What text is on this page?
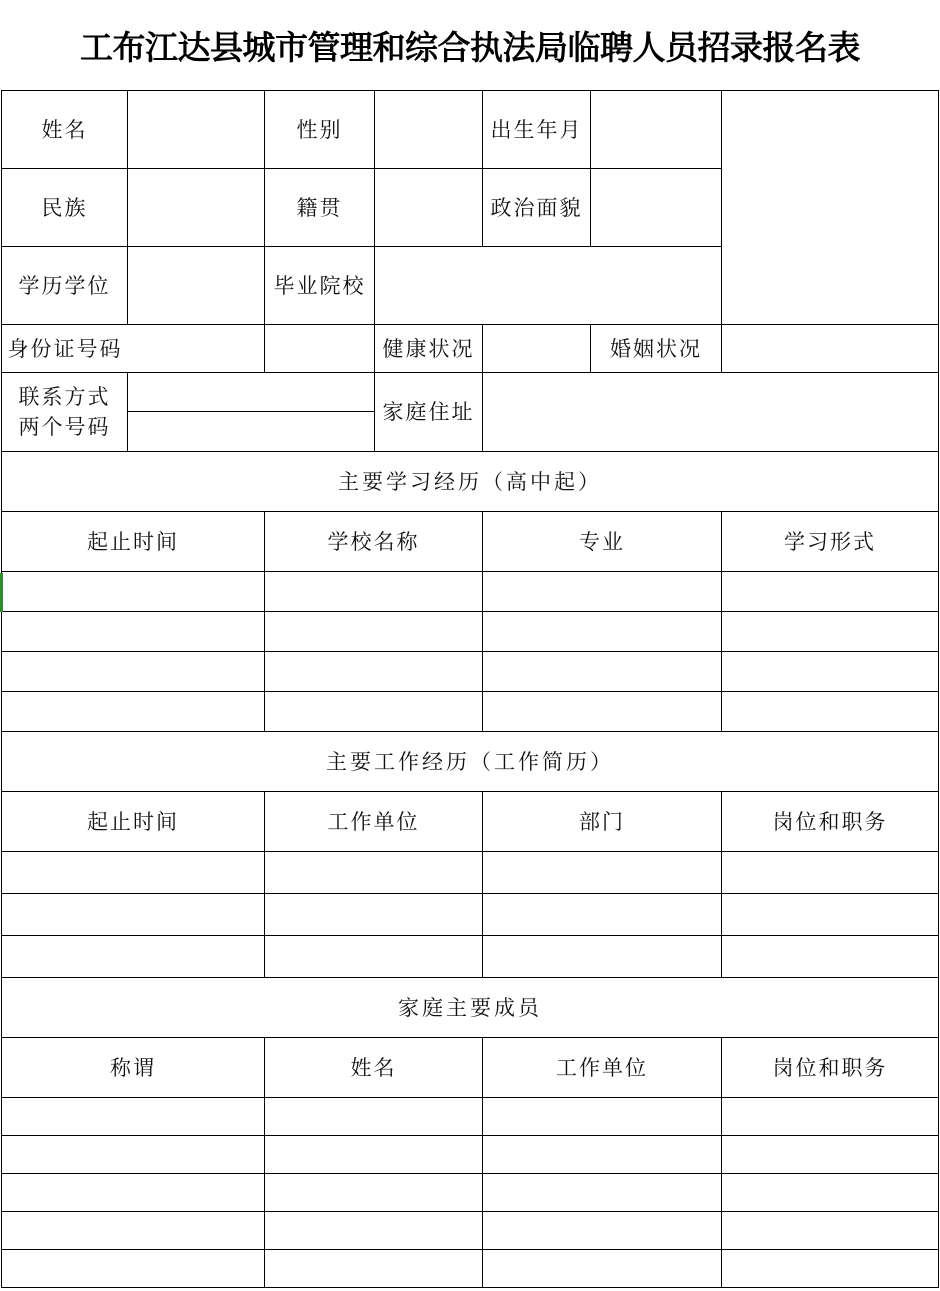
工布江达县城市管理和综合执法局临聘人员招录报名表
姓名		性别		出生年月		
民族		籍贯		政治面貌		
学历学位		毕业院校				
身份证号码			健康状况		婚姻状况	

联系方式
两个号码			家庭住址			

主要学习经历（高中起）						
起止时间		学校名称		专业		学习形式

主要工作经历（工作简历）						
起止时间		工作单位		部门		岗位和职务

家庭主要成员						
称谓		姓名		工作单位		岗位和职务
